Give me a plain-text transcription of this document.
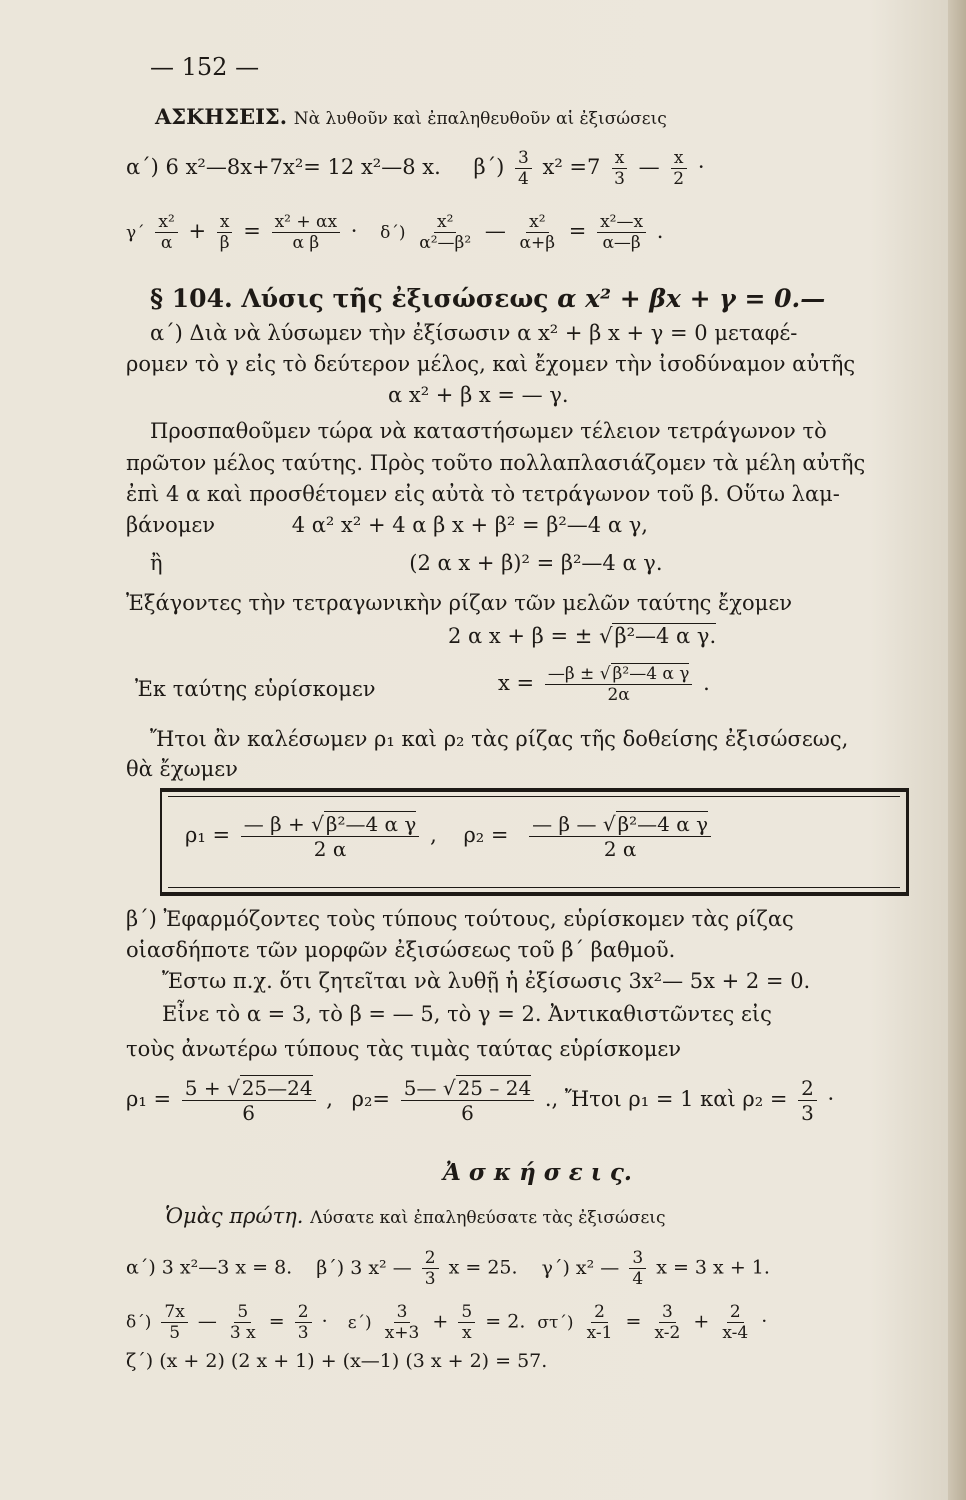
— 152 —
ΑΣΚΗΣΕΙΣ. Νὰ λυθοῦν καὶ ἐπαληθευθοῦν αἱ ἐξισώσεις
α΄) 6 x²—8x+7x²= 12 x²—8 x. $\beta΄) \frac{3}{4} x^2 =7 \frac{x}{3}$ — $\frac{x}{2}$ ·
$\gamma΄ \frac{\text{x²}}{\alpha} + \frac{x}{\beta} = \frac{\text{x² + αx}}{\text{α β}} \cdot \delta΄) \frac{\text{x²}}{\text{α²—β²}}$ — $\frac{\text{x²}}{\alpha+\beta} = \frac{\text{x²—x}}{\alpha—\beta}$ .
§ 104. Λύσις τῆς ἐξισώσεως α x² + βx + γ = 0.—
α΄) Διὰ νὰ λύσωμεν τὴν ἐξίσωσιν α x² + β x + γ = 0 μεταφέ-
ρομεν τὸ γ εἰς τὸ δεύτερον μέλος, καὶ ἔχομεν τὴν ἰσοδύναμον αὐτῆς
α x² + β x = — γ.
Προσπαθοῦμεν τώρα νὰ καταστήσωμεν τέλειον τετράγωνον τὸ
πρῶτον μέλος ταύτης. Πρὸς τοῦτο πολλαπλασιάζομεν τὰ μέλη αὐτῆς
ἐπὶ 4 α καὶ προσθέτομεν εἰς αὐτὰ τὸ τετράγωνον τοῦ β. Οὕτω λαμ-
βάνομεν	4 α² x² + 4 α β x + β² = β²—4 α γ,
ἢ	(2 α x + β)² = β²—4 α γ.
Ἐξάγοντες τὴν τετραγωνικὴν ρίζαν τῶν μελῶν ταύτης ἔχομεν
2 α x + β = ± √β²—4 α γ.
Ἐκ ταύτης εὑρίσκομεν	$x = \frac{\text{—β ± √ β²—4 α γ}}{2\alpha}$ .
Ἤτοι ἂν καλέσωμεν ρ₁ καὶ ρ₂ τὰς ρίζας τῆς δοθείσης ἐξισώσεως,
θὰ ἔχωμεν
$\rho_1 = \frac{\text{— β + √ β²—4 α γ}}{2 \alpha}$ , $\rho_2 = \frac{\text{— β — √ β²—4 α γ}}{2 \alpha}$
β΄) Ἐφαρμόζοντες τοὺς τύπους τούτους, εὑρίσκομεν τὰς ρίζας
οἱασδήποτε τῶν μορφῶν ἐξισώσεως τοῦ β΄ βαθμοῦ.
Ἔστω π.χ. ὅτι ζητεῖται νὰ λυθῇ ἡ ἐξίσωσις 3x²— 5x + 2 = 0.
Εἶνε τὸ α = 3, τὸ β = — 5, τὸ γ = 2. Ἀντικαθιστῶντες εἰς
τοὺς ἀνωτέρω τύπους τὰς τιμὰς ταύτας εὑρίσκομεν
$\rho_1 = \frac{5 + √ 25—24}{6}$ , $\rho_2= \frac{5— √ 25 - 24}{6}$ ., Ἤτοι ρ₁ = 1 καὶ $\rho_2 = \frac{2}{3}$ ·
Ἀ σ κ ή σ ε ι ς.
Ὁμὰς πρώτη. Λύσατε καὶ ἐπαληθεύσατε τὰς ἐξισώσεις
α΄) 3 x²—3 x = 8. β΄) 3 x² — $\frac{2}{3}$ x = 25. γ΄) x² — $\frac{3}{4}$ x = 3 x + 1.
$\delta΄) \frac{7x}{5}$ — $\frac{5}{3 x} = \frac{2}{3} \cdot \varepsilon΄) \frac{3}{x+3} + \frac{5}{x} = 2$. $\sigma\tau΄) \frac{2}{x-1} = \frac{3}{x-2} + \frac{2}{x-4}$ ·
ζ΄) (x + 2) (2 x + 1) + (x—1) (3 x + 2) = 57.
